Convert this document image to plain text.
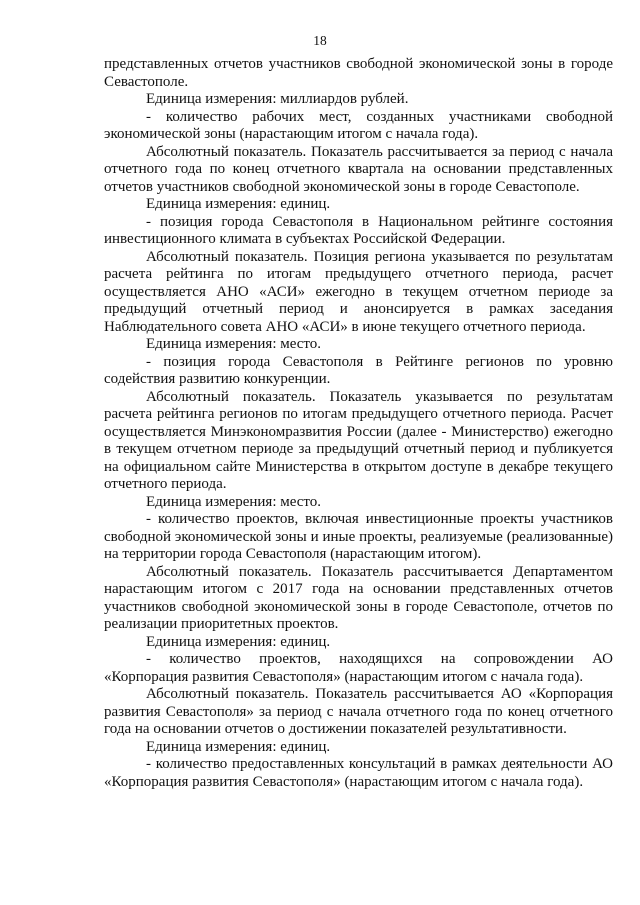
18

представленных отчетов участников свободной экономической зоны в городе Севастополе.

Единица измерения: миллиардов рублей.

- количество рабочих мест, созданных участниками свободной экономической зоны (нарастающим итогом с начала года).

Абсолютный показатель. Показатель рассчитывается за период с начала отчетного года по конец отчетного квартала на основании представленных отчетов участников свободной экономической зоны в городе Севастополе.

Единица измерения: единиц.

- позиция города Севастополя в Национальном рейтинге состояния инвестиционного климата в субъектах Российской Федерации.

Абсолютный показатель. Позиция региона указывается по результатам расчета рейтинга по итогам предыдущего отчетного периода, расчет осуществляется АНО «АСИ» ежегодно в текущем отчетном периоде за предыдущий отчетный период и анонсируется в рамках заседания Наблюдательного совета АНО «АСИ» в июне текущего отчетного периода.

Единица измерения: место.

- позиция города Севастополя в Рейтинге регионов по уровню содействия развитию конкуренции.

Абсолютный показатель. Показатель указывается по результатам расчета рейтинга регионов по итогам предыдущего отчетного периода. Расчет осуществляется Минэкономразвития России (далее - Министерство) ежегодно в текущем отчетном периоде за предыдущий отчетный период и публикуется на официальном сайте Министерства в открытом доступе в декабре текущего отчетного периода.

Единица измерения: место.

- количество проектов, включая инвестиционные проекты участников свободной экономической зоны и иные проекты, реализуемые (реализованные) на территории города Севастополя (нарастающим итогом).

Абсолютный показатель. Показатель рассчитывается Департаментом нарастающим итогом с 2017 года на основании представленных отчетов участников свободной экономической зоны в городе Севастополе, отчетов по реализации приоритетных проектов.

Единица измерения: единиц.

- количество проектов, находящихся на сопровождении АО «Корпорация развития Севастополя» (нарастающим итогом с начала года).

Абсолютный показатель. Показатель рассчитывается АО «Корпорация развития Севастополя» за период с начала отчетного года по конец отчетного года на основании отчетов о достижении показателей результативности.

Единица измерения: единиц.

- количество предоставленных консультаций в рамках деятельности АО «Корпорация развития Севастополя» (нарастающим итогом с начала года).
